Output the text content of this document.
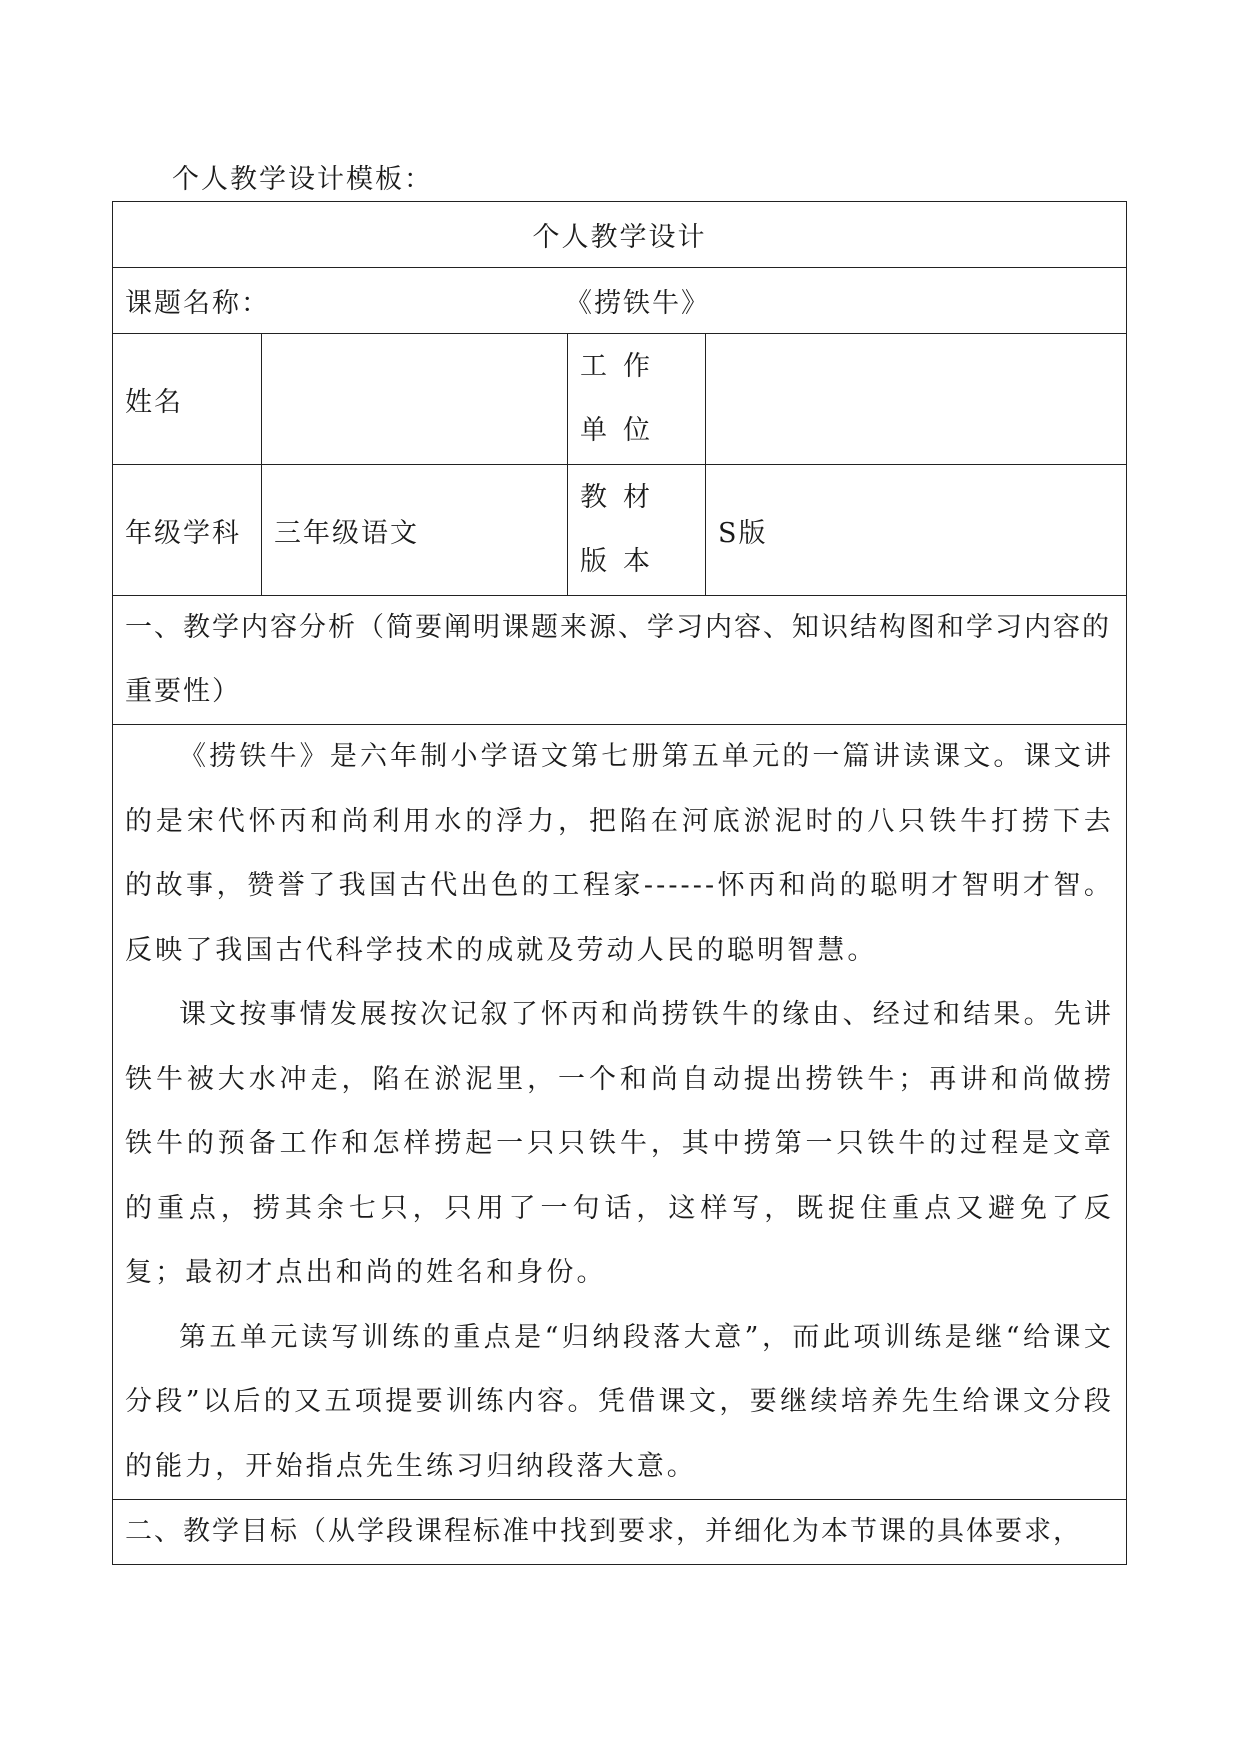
个人教学设计模板：
个人教学设计			

课题名称： 《捞铁牛》			

姓名		工作单位	

年级学科	三年级语文	教材版本	S版
一、教学内容分析（简要阐明课题来源、学习内容、知识结构图和学习内容的重要性）			

《捞铁牛》是六年制小学语文第七册第五单元的一篇讲读课文。课文讲的是宋代怀丙和尚利用水的浮力，把陷在河底淤泥时的八只铁牛打捞下去的故事，赞誉了我国古代出色的工程家------怀丙和尚的聪明才智明才智。反映了我国古代科学技术的成就及劳动人民的聪明智慧。

课文按事情发展按次记叙了怀丙和尚捞铁牛的缘由、经过和结果。先讲铁牛被大水冲走，陷在淤泥里，一个和尚自动提出捞铁牛；再讲和尚做捞铁牛的预备工作和怎样捞起一只只铁牛，其中捞第一只铁牛的过程是文章的重点，捞其余七只，只用了一句话，这样写，既捉住重点又避免了反复；最初才点出和尚的姓名和身份。

第五单元读写训练的重点是“归纳段落大意”，而此项训练是继“给课文分段”以后的又五项提要训练内容。凭借课文，要继续培养先生给课文分段的能力，开始指点先生练习归纳段落大意。			

二、教学目标（从学段课程标准中找到要求，并细化为本节课的具体要求，			
